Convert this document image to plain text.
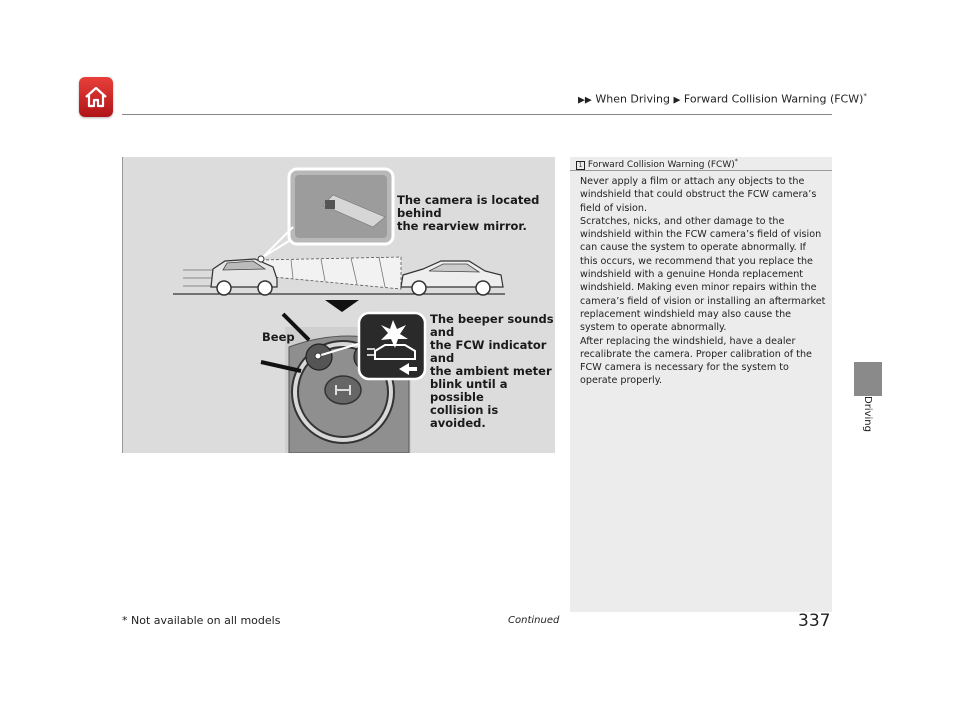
▶▶ When Driving ▶ Forward Collision Warning (FCW)*
The camera is located behind
the rearview mirror.
Beep
The beeper sounds and
the FCW indicator and
the ambient meter
blink until a possible
collision is avoided.
1 Forward Collision Warning (FCW)*

Never apply a film or attach any objects to the windshield that could obstruct the FCW camera’s field of vision.

Scratches, nicks, and other damage to the windshield within the FCW camera’s field of vision can cause the system to operate abnormally. If this occurs, we recommend that you replace the windshield with a genuine Honda replacement windshield. Making even minor repairs within the camera’s field of vision or installing an aftermarket replacement windshield may also cause the system to operate abnormally.

After replacing the windshield, have a dealer recalibrate the camera. Proper calibration of the FCW camera is necessary for the system to operate properly.

Driving
* Not available on all models	Continued	337
